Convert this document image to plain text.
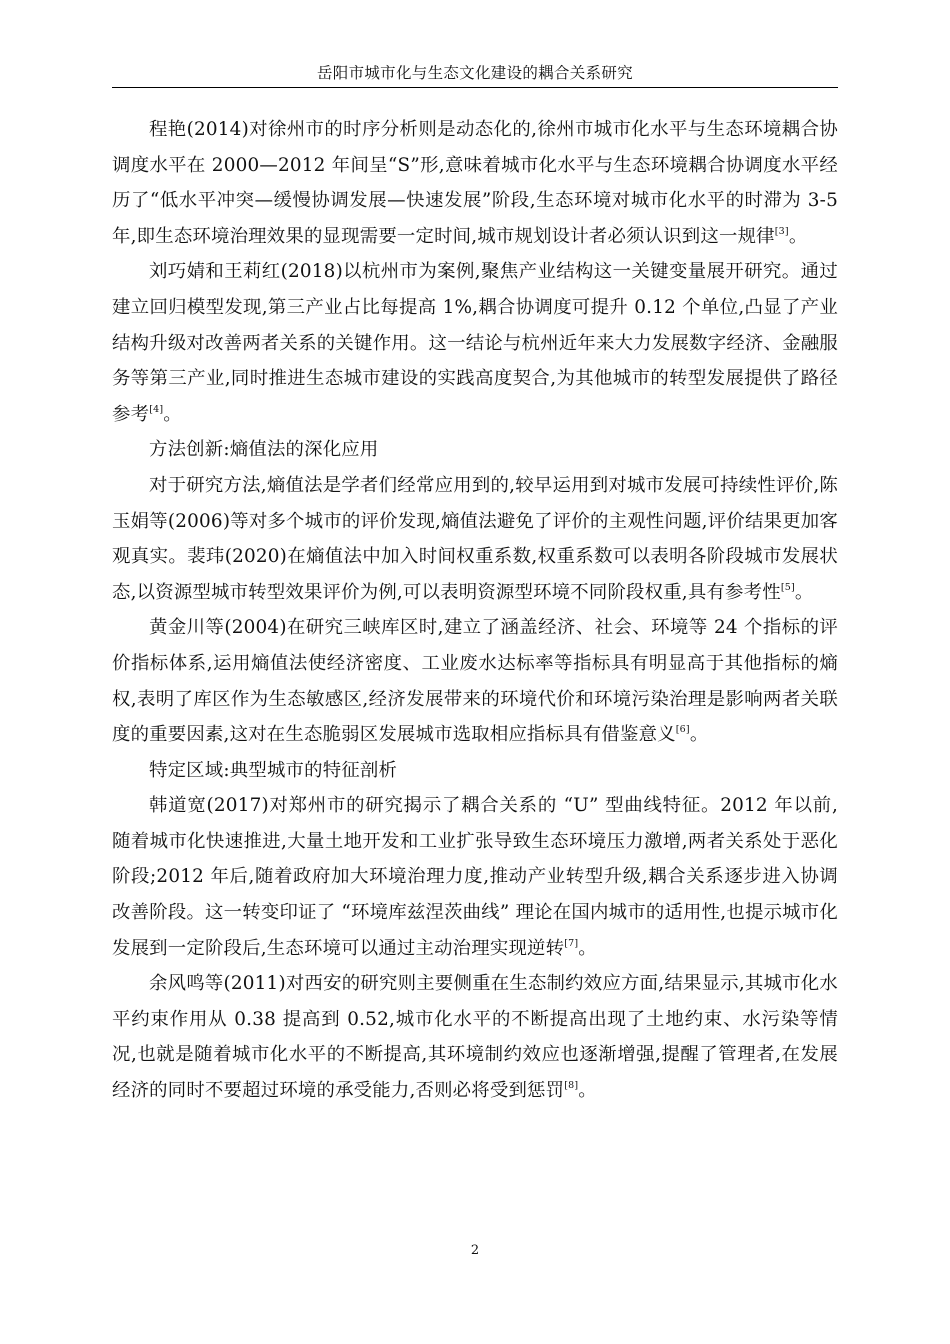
岳阳市城市化与生态文化建设的耦合关系研究

程艳(2014)对徐州市的时序分析则是动态化的,徐州市城市化水平与生态环境耦合协调度水平在 2000—2012 年间呈“S”形,意味着城市化水平与生态环境耦合协调度水平经历了“低水平冲突—缓慢协调发展—快速发展”阶段,生态环境对城市化水平的时滞为 3-5 年,即生态环境治理效果的显现需要一定时间,城市规划设计者必须认识到这一规律[3]。

刘巧婧和王莉红(2018)以杭州市为案例,聚焦产业结构这一关键变量展开研究。通过建立回归模型发现,第三产业占比每提高 1%,耦合协调度可提升 0.12 个单位,凸显了产业结构升级对改善两者关系的关键作用。这一结论与杭州近年来大力发展数字经济、金融服务等第三产业,同时推进生态城市建设的实践高度契合,为其他城市的转型发展提供了路径参考[4]。

方法创新:熵值法的深化应用

对于研究方法,熵值法是学者们经常应用到的,较早运用到对城市发展可持续性评价,陈玉娟等(2006)等对多个城市的评价发现,熵值法避免了评价的主观性问题,评价结果更加客观真实。裴玮(2020)在熵值法中加入时间权重系数,权重系数可以表明各阶段城市发展状态,以资源型城市转型效果评价为例,可以表明资源型环境不同阶段权重,具有参考性[5]。

黄金川等(2004)在研究三峡库区时,建立了涵盖经济、社会、环境等 24 个指标的评价指标体系,运用熵值法使经济密度、工业废水达标率等指标具有明显高于其他指标的熵权,表明了库区作为生态敏感区,经济发展带来的环境代价和环境污染治理是影响两者关联度的重要因素,这对在生态脆弱区发展城市选取相应指标具有借鉴意义[6]。

特定区域:典型城市的特征剖析

韩道宽(2017)对郑州市的研究揭示了耦合关系的 “U” 型曲线特征。2012 年以前,随着城市化快速推进,大量土地开发和工业扩张导致生态环境压力激增,两者关系处于恶化阶段;2012 年后,随着政府加大环境治理力度,推动产业转型升级,耦合关系逐步进入协调改善阶段。这一转变印证了 “环境库兹涅茨曲线” 理论在国内城市的适用性,也提示城市化发展到一定阶段后,生态环境可以通过主动治理实现逆转[7]。

余风鸣等(2011)对西安的研究则主要侧重在生态制约效应方面,结果显示,其城市化水平约束作用从 0.38 提高到 0.52,城市化水平的不断提高出现了土地约束、水污染等情况,也就是随着城市化水平的不断提高,其环境制约效应也逐渐增强,提醒了管理者,在发展经济的同时不要超过环境的承受能力,否则必将受到惩罚[8]。

2
